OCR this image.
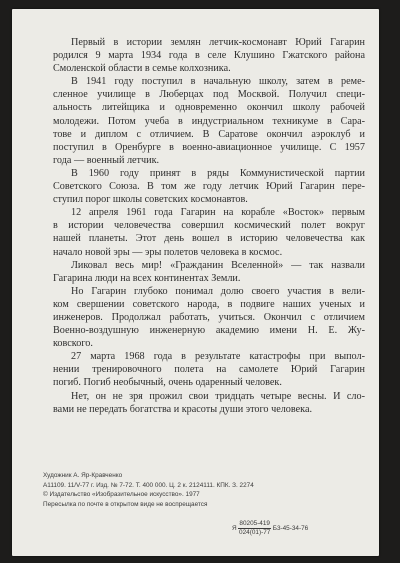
Первый в истории землян летчик-космонавт Юрий Гагарин
родился 9 марта 1934 года в селе Клушино Гжатского района
Смоленской области в семье колхозника.
В 1941 году поступил в начальную школу, затем в реме-
сленное училище в Люберцах под Москвой. Получил специ-
альность литейщика и одновременно окончил школу рабочей
молодежи. Потом учеба в индустриальном техникуме в Сара-
тове и диплом с отличием. В Саратове окончил аэроклуб и
поступил в Оренбурге в военно-авиационное училище. С 1957
года — военный летчик.
В 1960 году принят в ряды Коммунистической партии
Советского Союза. В том же году летчик Юрий Гагарин пере-
ступил порог школы советских космонавтов.
12 апреля 1961 года Гагарин на корабле «Восток» первым
в истории человечества совершил космический полет вокруг
нашей планеты. Этот день вошел в историю человечества как
начало новой эры — эры полетов человека в космос.
Ликовал весь мир! «Гражданин Вселенной» — так назвали
Гагарина люди на всех континентах Земли.
Но Гагарин глубоко понимал долю своего участия в вели-
ком свершении советского народа, в подвиге наших ученых и
инженеров. Продолжал работать, учиться. Окончил с отличием
Военно-воздушную инженерную академию имени Н. Е. Жу-
ковского.
27 марта 1968 года в результате катастрофы при выпол-
нении тренировочного полета на самолете Юрий Гагарин
погиб. Погиб необычный, очень одаренный человек.
Нет, он не зря прожил свои тридцать четыре весны. И сло-
вами не передать богатства и красоты души этого человека.
Художник А. Яр-Кравченко
А11109. 11/V-77 г. Изд. № 7-72. Т. 400 000. Ц. 2 к. 2124111. КПК. З. 2274
© Издательство «Изобразительное искусство». 1977
Пересылка по почте в открытом виде не воспрещается
Я $\frac{80205-419}{024(01)-77} Б3-45-34-76$
